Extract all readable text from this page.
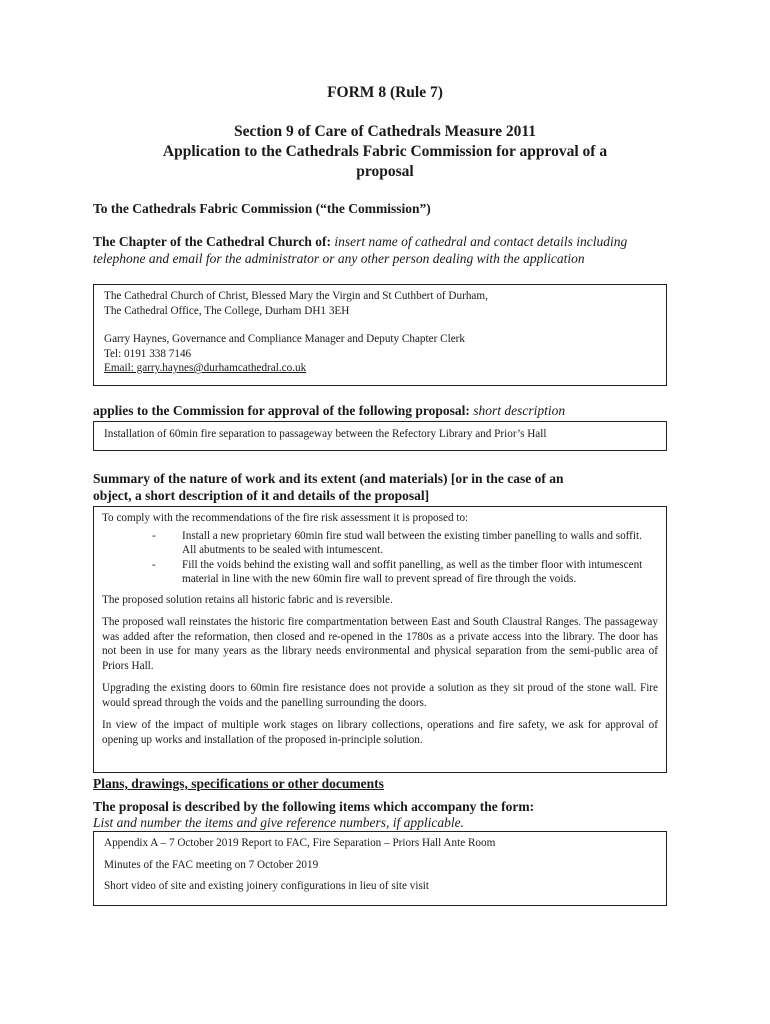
FORM 8 (Rule 7)
Section 9 of Care of Cathedrals Measure 2011
Application to the Cathedrals Fabric Commission for approval of a
proposal
To the Cathedrals Fabric Commission (“the Commission”)
The Chapter of the Cathedral Church of: insert name of cathedral and contact details including telephone and email for the administrator or any other person dealing with the application

The Cathedral Church of Christ, Blessed Mary the Virgin and St Cuthbert of Durham,

The Cathedral Office, The College, Durham DH1 3EH

Garry Haynes, Governance and Compliance Manager and Deputy Chapter Clerk

Tel: 0191 338 7146

Email: garry.haynes@durhamcathedral.co.uk

applies to the Commission for approval of the following proposal: short description

Installation of 60min fire separation to passageway between the Refectory Library and Prior’s Hall

Summary of the nature of work and its extent (and materials) [or in the case of an
object, a short description of it and details of the proposal]

To comply with the recommendations of the fire risk assessment it is proposed to:

- Install a new proprietary 60min fire stud wall between the existing timber panelling to walls and soffit. All abutments to be sealed with intumescent.
- Fill the voids behind the existing wall and soffit panelling, as well as the timber floor with intumescent material in line with the new 60min fire wall to prevent spread of fire through the voids.

The proposed solution retains all historic fabric and is reversible.

The proposed wall reinstates the historic fire compartmentation between East and South Claustral Ranges. The passageway was added after the reformation, then closed and re-opened in the 1780s as a private access into the library. The door has not been in use for many years as the library needs environmental and physical separation from the semi-public area of Priors Hall.

Upgrading the existing doors to 60min fire resistance does not provide a solution as they sit proud of the stone wall. Fire would spread through the voids and the panelling surrounding the doors.

In view of the impact of multiple work stages on library collections, operations and fire safety, we ask for approval of opening up works and installation of the proposed in-principle solution.

Plans, drawings, specifications or other documents
The proposal is described by the following items which accompany the form:
List and number the items and give reference numbers, if applicable.

Appendix A – 7 October 2019 Report to FAC, Fire Separation – Priors Hall Ante Room

Minutes of the FAC meeting on 7 October 2019

Short video of site and existing joinery configurations in lieu of site visit
